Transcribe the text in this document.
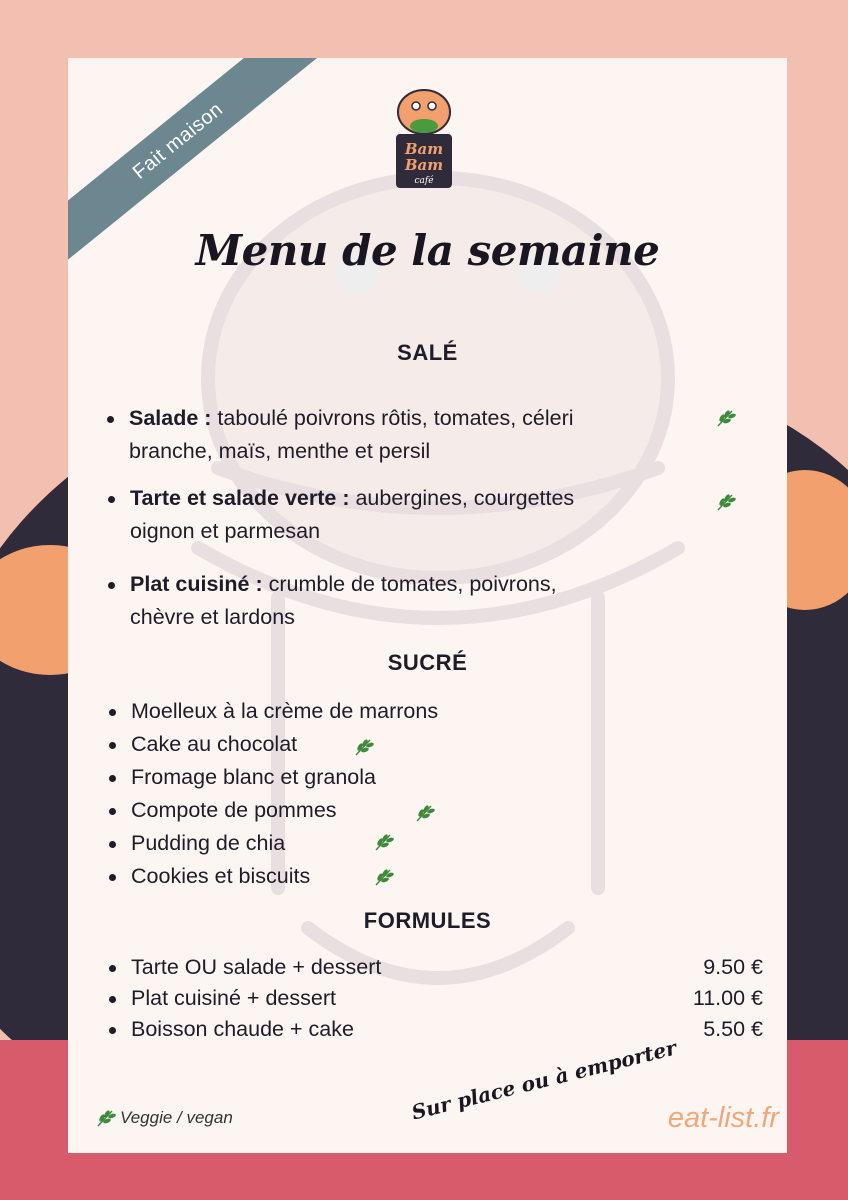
Fait maison	Bam
Bam
café
Menu de la semaine
SALÉ
Salade : taboulé poivrons rôtis, tomates, céleri
branche, maïs, menthe et persil
Tarte et salade verte : aubergines, courgettes
oignon et parmesan
Plat cuisiné : crumble de tomates, poivrons,
chèvre et lardons
SUCRÉ
Moelleux à la crème de marrons
Cake au chocolat
Fromage blanc et granola
Compote de pommes
Pudding de chia
Cookies et biscuits
FORMULES
Tarte OU salade + dessert	9.50 €
Plat cuisiné + dessert	11.00 €
Boisson chaude + cake	5.50 €
Sur place ou à emporter
Veggie / vegan	eat-list.fr
